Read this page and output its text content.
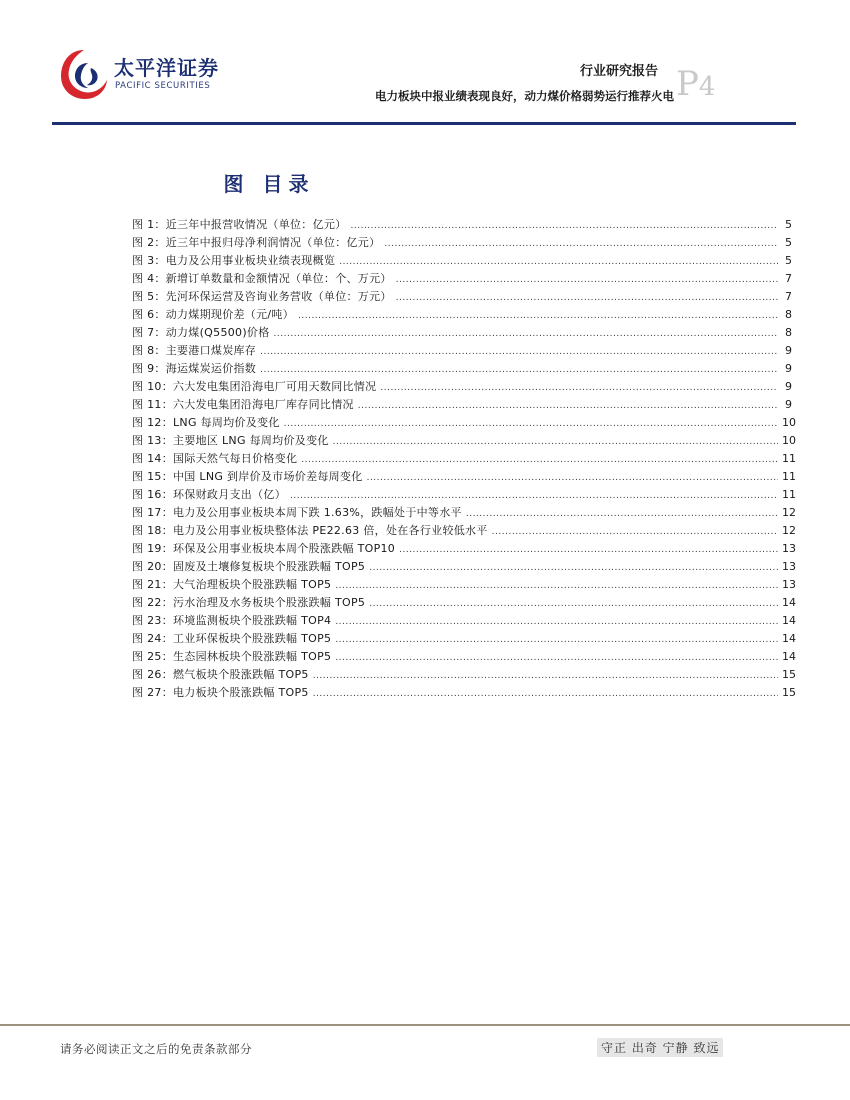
太平洋证券
PACIFIC SECURITIES
行业研究报告
电力板块中报业绩表现良好，动力煤价格弱势运行推荐火电 P4
图 目录
图 1：近三年中报营收情况（单位：亿元） .....	5
图 2：近三年中报归母净利润情况（单位：亿元） .....	5
图 3：电力及公用事业板块业绩表现概览 .....	5
图 4：新增订单数量和金额情况（单位：个、万元） .....	7
图 5：先河环保运营及咨询业务营收（单位：万元） .....	7
图 6：动力煤期现价差（元/吨） .....	8
图 7：动力煤(Q5500)价格 .....	8
图 8：主要港口煤炭库存 .....	9
图 9：海运煤炭运价指数 .....	9
图 10：六大发电集团沿海电厂可用天数同比情况 .....	9
图 11：六大发电集团沿海电厂库存同比情况 .....	9
图 12：LNG 每周均价及变化 .....	10
图 13：主要地区 LNG 每周均价及变化 .....	10
图 14：国际天然气每日价格变化 .....	11
图 15：中国 LNG 到岸价及市场价差每周变化 .....	11
图 16：环保财政月支出（亿） .....	11
图 17：电力及公用事业板块本周下跌 1.63%，跌幅处于中等水平 .....	12
图 18：电力及公用事业板块整体法 PE22.63 倍，处在各行业较低水平 .....	12
图 19：环保及公用事业板块本周个股涨跌幅 TOP10 .....	13
图 20：固废及土壤修复板块个股涨跌幅 TOP5 .....	13
图 21：大气治理板块个股涨跌幅 TOP5 .....	13
图 22：污水治理及水务板块个股涨跌幅 TOP5 .....	14
图 23：环境监测板块个股涨跌幅 TOP4 .....	14
图 24：工业环保板块个股涨跌幅 TOP5 .....	14
图 25：生态园林板块个股涨跌幅 TOP5 .....	14
图 26：燃气板块个股涨跌幅 TOP5 .....	15
图 27：电力板块个股涨跌幅 TOP5 .....	15
请务必阅读正文之后的免责条款部分	守正 出奇 宁静 致远
